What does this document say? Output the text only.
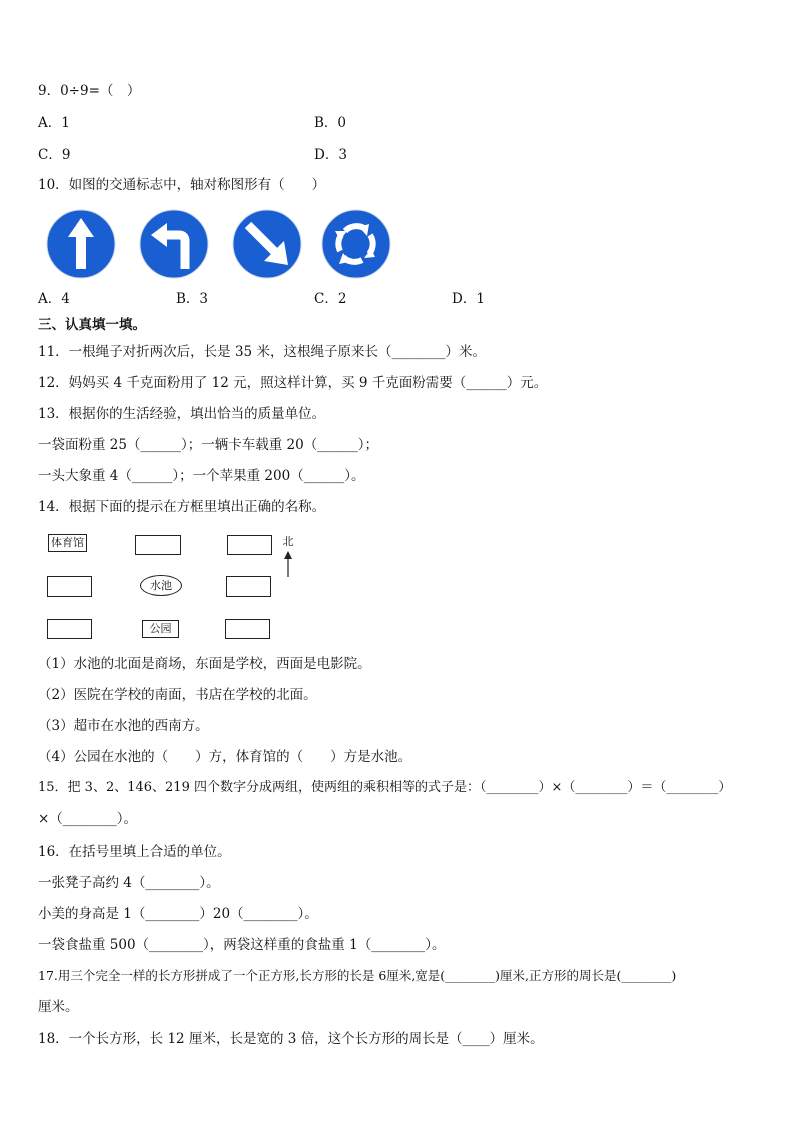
9．0÷9=（　）
A．1	B．0
C．9	D．3
10．如图的交通标志中，轴对称图形有（　　）
A．4	B．3	C．2	D．1
三、认真填一填。
11．一根绳子对折两次后，长是 35 米，这根绳子原来长（________）米。
12．妈妈买 4 千克面粉用了 12 元，照这样计算，买 9 千克面粉需要（______）元。
13．根据你的生活经验，填出恰当的质量单位。
一袋面粉重 25（______）；一辆卡车载重 20（______）；
一头大象重 4（______）；一个苹果重 200（______）。
14．根据下面的提示在方框里填出正确的名称。
体育馆	北
水池
公园
（1）水池的北面是商场，东面是学校，西面是电影院。
（2）医院在学校的南面，书店在学校的北面。
（3）超市在水池的西南方。
（4）公园在水池的（　　）方，体育馆的（　　）方是水池。
15．把 3、2、146、219 四个数字分成两组，使两组的乘积相等的式子是：（________）×（________）＝（________）
×（________）。
16．在括号里填上合适的单位。
一张凳子高约 4（________）。
小美的身高是 1（________）20（________）。
一袋食盐重 500（________），两袋这样重的食盐重 1（________）。
17.用三个完全一样的长方形拼成了一个正方形,长方形的长是 6厘米,宽是(________)厘米,正方形的周长是(________)
厘米。
18．一个长方形，长 12 厘米，长是宽的 3 倍，这个长方形的周长是（____）厘米。
